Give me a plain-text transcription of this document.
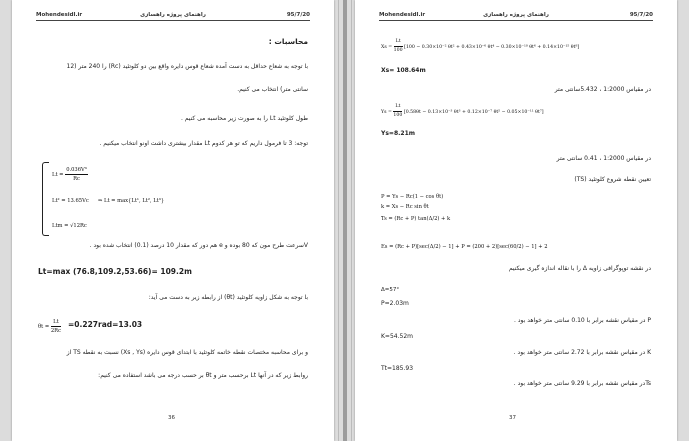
Mohendesidl.ir	راهنمای پروژه راهسازی	95/7/20
محاسبات :
با توجه به شعاع حداقل به دست آمده شعاع قوس دایره واقع بین دو کلوتئید (Rc) را 240 متر (12
سانتی متر) انتخاب می کنیم.
طول کلوتئید Lt را به صورت زیر محاسبه می کنیم .
توجه: 3 تا فرمول داریم که تو هر کدوم Lt مقدار بیشتری داشت اونو انتخاب میکنیم .
$Lt = \frac{\text{0.036V³}}{Rc}$
Lt² = 13.65Vc ⇒ Lt = max{Lt¹, Lt², Lt³}
Ltm = √12Rc
Vسرعت طرح مون که 80 بوده و e هم دور که مقدار 10 درصد (0.1) انتخاب شده بود .
Lt=max (76.8,109.2,53.66)= 109.2m
با توجه به شکل زاویه کلوتئید (θt) از رابطه زیر به دست می آید:
$\theta t = \frac{Lt}{2Rc} =0.227rad=13.03$
و برای محاسبه مختصات نقطه خاتمه کلوتئید با ابتدای قوس دایره (Xs , Ys) نسبت به نقطه TS از
روابط زیر که در آنها Lt برحسب متر و θt بر حسب درجه می باشد استفاده می کنیم:
36
Mohendesidl.ir	راهنمای پروژه راهسازی	95/7/20
$Xs = \frac{Lt}{100} [100 - 0.30\times 10^{-2}$ θt² + 0.43×10⁻⁶ θt⁴ − 0.30×10⁻¹⁰ θt⁶ + 0.14×10⁻¹⁵ θt⁸]
Xs= 108.64m
در مقیاس 1:2000 ، 5.432سانتی متر
$Ys = \frac{Lt}{100} [0.58\theta t - 0.13\times 10^{-3}$ θt³ + 0.12×10⁻⁷ θt⁵ − 0.05×10⁻¹¹ θt⁷]
Ys=8.21m
در مقیاس 1:2000 ، 0.41 سانتی متر
تعیین نقطه شروع کلوتئید (TS)
P = Ys − Rc(1 − cos θt)
k = Xs − Rc sin θt
Ts = (Rc + P) tan(Δ/2) + k
Es = (Rc + P)[sec(Δ/2) − 1] + P = (200 + 2)[sec(60/2) − 1] + 2
در نقشه توپوگرافی زاویه Δ را با نقاله اندازه گیری میکنیم
Δ=57°
P=2.03m
P در مقیاس نقشه برابر با 0.10 سانتی متر خواهد بود .
K=54.52m
K در مقیاس نقشه برابر با 2.72 سانتی متر خواهد بود .
Tt=185.93
Tsدر مقیاس نقشه برابر با 9.29 سانتی متر خواهد بود .
37
